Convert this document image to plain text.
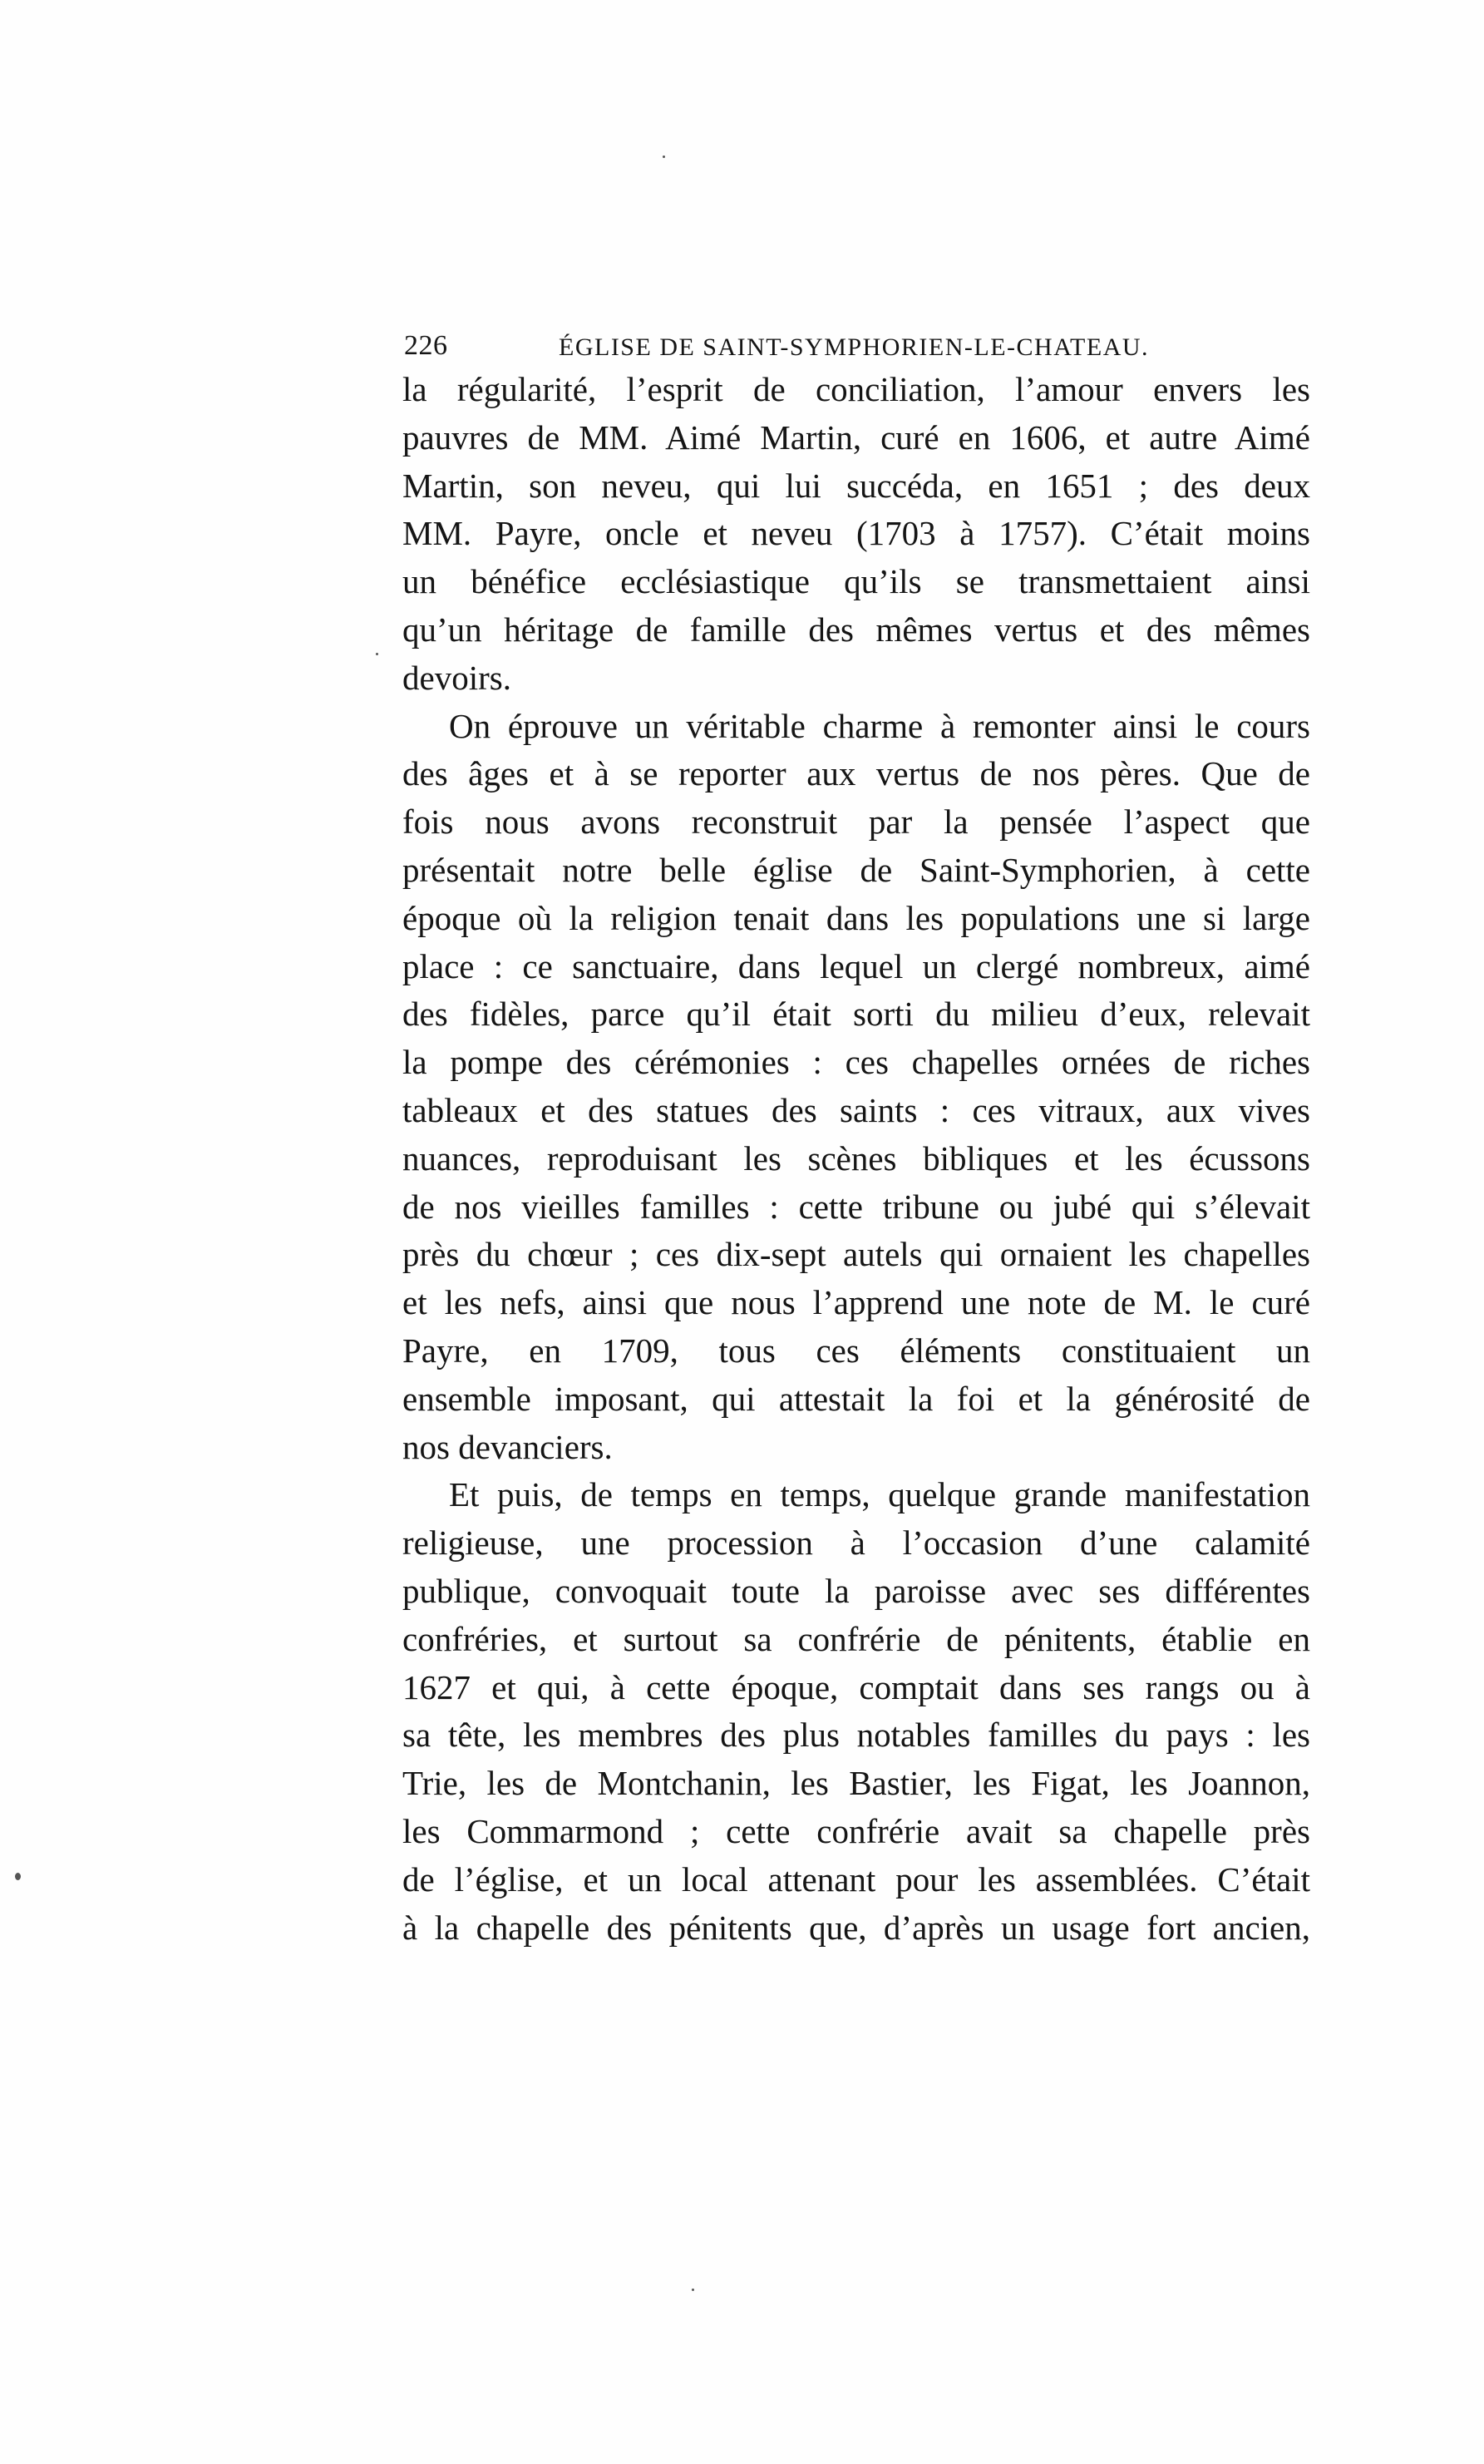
226	ÉGLISE DE SAINT-SYMPHORIEN-LE-CHATEAU.
la régularité, l’esprit de conciliation, l’amour envers les
pauvres de MM. Aimé Martin, curé en 1606, et autre Aimé
Martin, son neveu, qui lui succéda, en 1651 ; des deux
MM. Payre, oncle et neveu (1703 à 1757). C’était moins
un bénéfice ecclésiastique qu’ils se transmettaient ainsi
qu’un héritage de famille des mêmes vertus et des mêmes
devoirs.
On éprouve un véritable charme à remonter ainsi le cours
des âges et à se reporter aux vertus de nos pères. Que de
fois nous avons reconstruit par la pensée l’aspect que
présentait notre belle église de Saint-Symphorien, à cette
époque où la religion tenait dans les populations une si large
place : ce sanctuaire, dans lequel un clergé nombreux, aimé
des fidèles, parce qu’il était sorti du milieu d’eux, relevait
la pompe des cérémonies : ces chapelles ornées de riches
tableaux et des statues des saints : ces vitraux, aux vives
nuances, reproduisant les scènes bibliques et les écussons
de nos vieilles familles : cette tribune ou jubé qui s’élevait
près du chœur ; ces dix-sept autels qui ornaient les chapelles
et les nefs, ainsi que nous l’apprend une note de M. le curé
Payre, en 1709, tous ces éléments constituaient un
ensemble imposant, qui attestait la foi et la générosité de
nos devanciers.
Et puis, de temps en temps, quelque grande manifestation
religieuse, une procession à l’occasion d’une calamité
publique, convoquait toute la paroisse avec ses différentes
confréries, et surtout sa confrérie de pénitents, établie en
1627 et qui, à cette époque, comptait dans ses rangs ou à
sa tête, les membres des plus notables familles du pays : les
Trie, les de Montchanin, les Bastier, les Figat, les Joannon,
les Commarmond ; cette confrérie avait sa chapelle près
de l’église, et un local attenant pour les assemblées. C’était
à la chapelle des pénitents que, d’après un usage fort ancien,
